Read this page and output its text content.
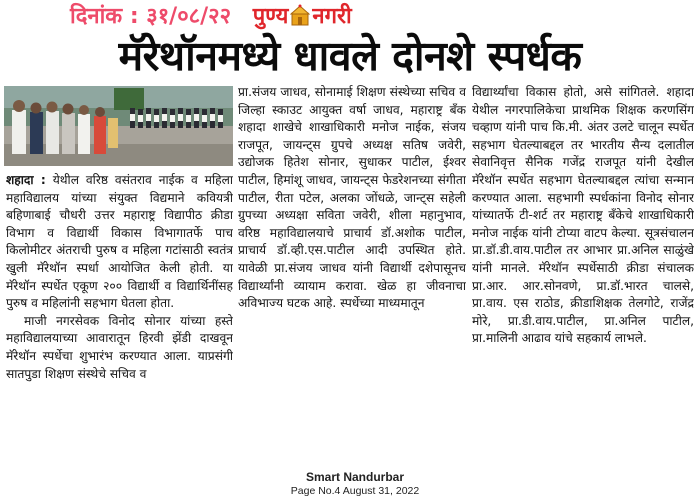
दिनांक : ३१/०८/२२ पुण्य नगरी
मॅरेथॉनमध्ये धावले दोनशे स्पर्धक

शहादा : येथील वरिष्ठ वसंतराव नाईक व महिला महाविद्यालय यांच्या संयुक्त विद्यमाने कवियत्री बहिणाबाई चौधरी उत्तर महाराष्ट्र विद्यापीठ क्रीडा विभाग व विद्यार्थी विकास विभागातर्फे पाच किलोमीटर अंतराची पुरुष व महिला गटांसाठी स्वतंत्र खुली मॅरेथॉन स्पर्धा आयोजित केली होती. या मॅरेथॉन स्पर्धेत एकूण २०० विद्यार्थी व विद्यार्थिनींसह पुरुष व महिलांनी सहभाग घेतला होता.

माजी नगरसेवक विनोद सोनार यांच्या हस्ते महाविद्यालयाच्या आवारातून हिरवी झेंडी दाखवून मॅरेथॉन स्पर्धेचा शुभारंभ करण्यात आला. याप्रसंगी सातपुडा शिक्षण संस्थेचे सचिव व

प्रा.संजय जाधव, सोनामाई शिक्षण संस्थेच्या सचिव व जिल्हा स्काउट आयुक्त वर्षा जाधव, महाराष्ट्र बँक शहादा शाखेचे शाखाधिकारी मनोज नाईक, संजय राजपूत, जायन्ट्स ग्रुपचे अध्यक्ष सतिष जवेरी, उद्योजक हितेश सोनार, सुधाकर पाटील, ईश्वर पाटील, हिमांशू जाधव, जायन्ट्स फेडरेशनच्या संगीता पाटील, रीता पटेल, अलका जोंधळे, जान्ट्स सहेली ग्रुपच्या अध्यक्षा सविता जवेरी, शीला महानुभाव, वरिष्ठ महाविद्यालयाचे प्राचार्य डॉ.अशोक पाटील, प्राचार्य डॉ.व्ही.एस.पाटील आदी उपस्थित होते. यावेळी प्रा.संजय जाधव यांनी विद्यार्थी दशेपासूनच विद्यार्थ्यांनी व्यायाम करावा. खेळ हा जीवनाचा अविभाज्य घटक आहे. स्पर्धेच्या माध्यमातून

विद्यार्थ्यांचा विकास होतो, असे सांगितले. शहादा येथील नगरपालिकेचा प्राथमिक शिक्षक करणसिंग चव्हाण यांनी पाच कि.मी. अंतर उलटे चालून स्पर्धेत सहभाग घेतल्याबद्दल तर भारतीय सैन्य दलातील सेवानिवृत्त सैनिक गजेंद्र राजपूत यांनी देखील मॅरेथॉन स्पर्धेत सहभाग घेतल्याबद्दल त्यांचा सन्मान करण्यात आला. सहभागी स्पर्धकांना विनोद सोनार यांच्यातर्फे टी-शर्ट तर महाराष्ट्र बँकेचे शाखाधिकारी मनोज नाईक यांनी टोप्या वाटप केल्या. सूत्रसंचालन प्रा.डॉ.डी.वाय.पाटील तर आभार प्रा.अनिल साळुंखे यांनी मानले. मॅरेथॉन स्पर्धेसाठी क्रीडा संचालक प्रा.आर. आर.सोनवणे, प्रा.डॉ.भारत चालसे, प्रा.वाय. एस राठोड, क्रीडाशिक्षक तेलगोटे, राजेंद्र मोरे, प्रा.डी.वाय.पाटील, प्रा.अनिल पाटील, प्रा.मालिनी आढाव यांचे सहकार्य लाभले.

Smart Nandurbar
Page No.4 August 31, 2022
